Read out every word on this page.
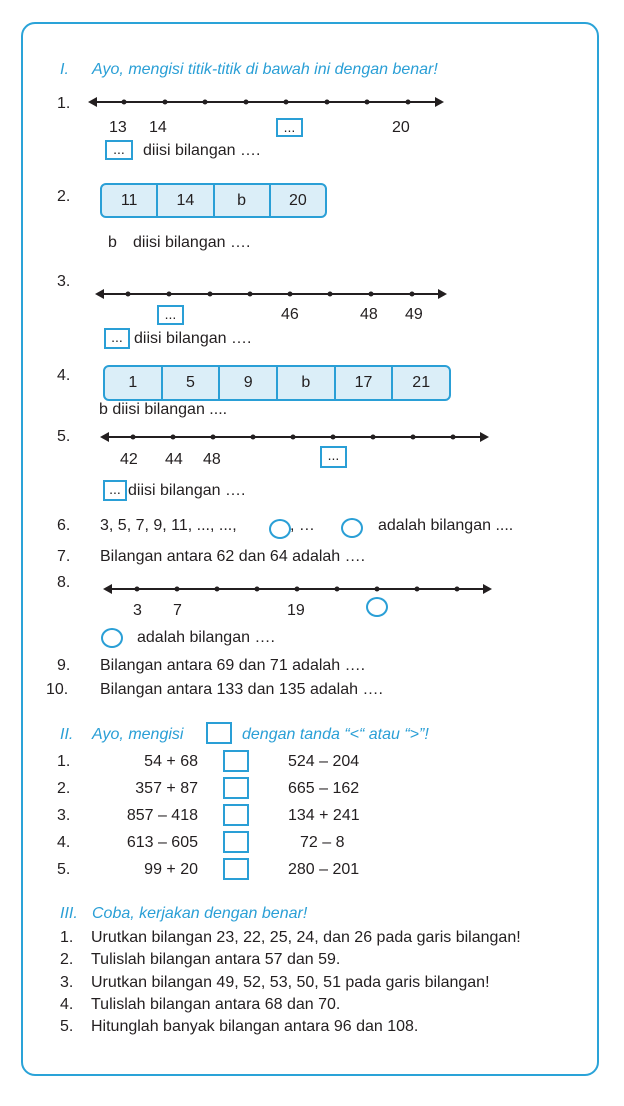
I. Ayo, mengisi titik-titik di bawah ini dengan benar!
1.
13 14	...	20
...	diisi bilangan ….
2.	11	14	b	20
b diisi bilangan ….
3.
...	46	48 49
... diisi bilangan ….
4.	1	5	9	b	17	21
b diisi bilangan ....
5.
42 44 48	...
... diisi bilangan ….
6. 3, 5, 7, 9, 11, ..., ...,	, …	adalah bilangan ....
7. Bilangan antara 62 dan 64 adalah ….
8.
3 7	19
adalah bilangan ….
9. Bilangan antara 69 dan 71 adalah ….
10. Bilangan antara 133 dan 135 adalah ….
II. Ayo, mengisi	dengan tanda “<“ atau “>”!
1.	54 + 68	524 – 204
2.	357 + 87	665 – 162
3.	857 – 418	134 + 241
4.	613 – 605	72 – 8
5.	99 + 20	280 – 201
III. Coba, kerjakan dengan benar!
1. Urutkan bilangan 23, 22, 25, 24, dan 26 pada garis bilangan!
2. Tulislah bilangan antara 57 dan 59.
3. Urutkan bilangan 49, 52, 53, 50, 51 pada garis bilangan!
4. Tulislah bilangan antara 68 dan 70.
5. Hitunglah banyak bilangan antara 96 dan 108.
